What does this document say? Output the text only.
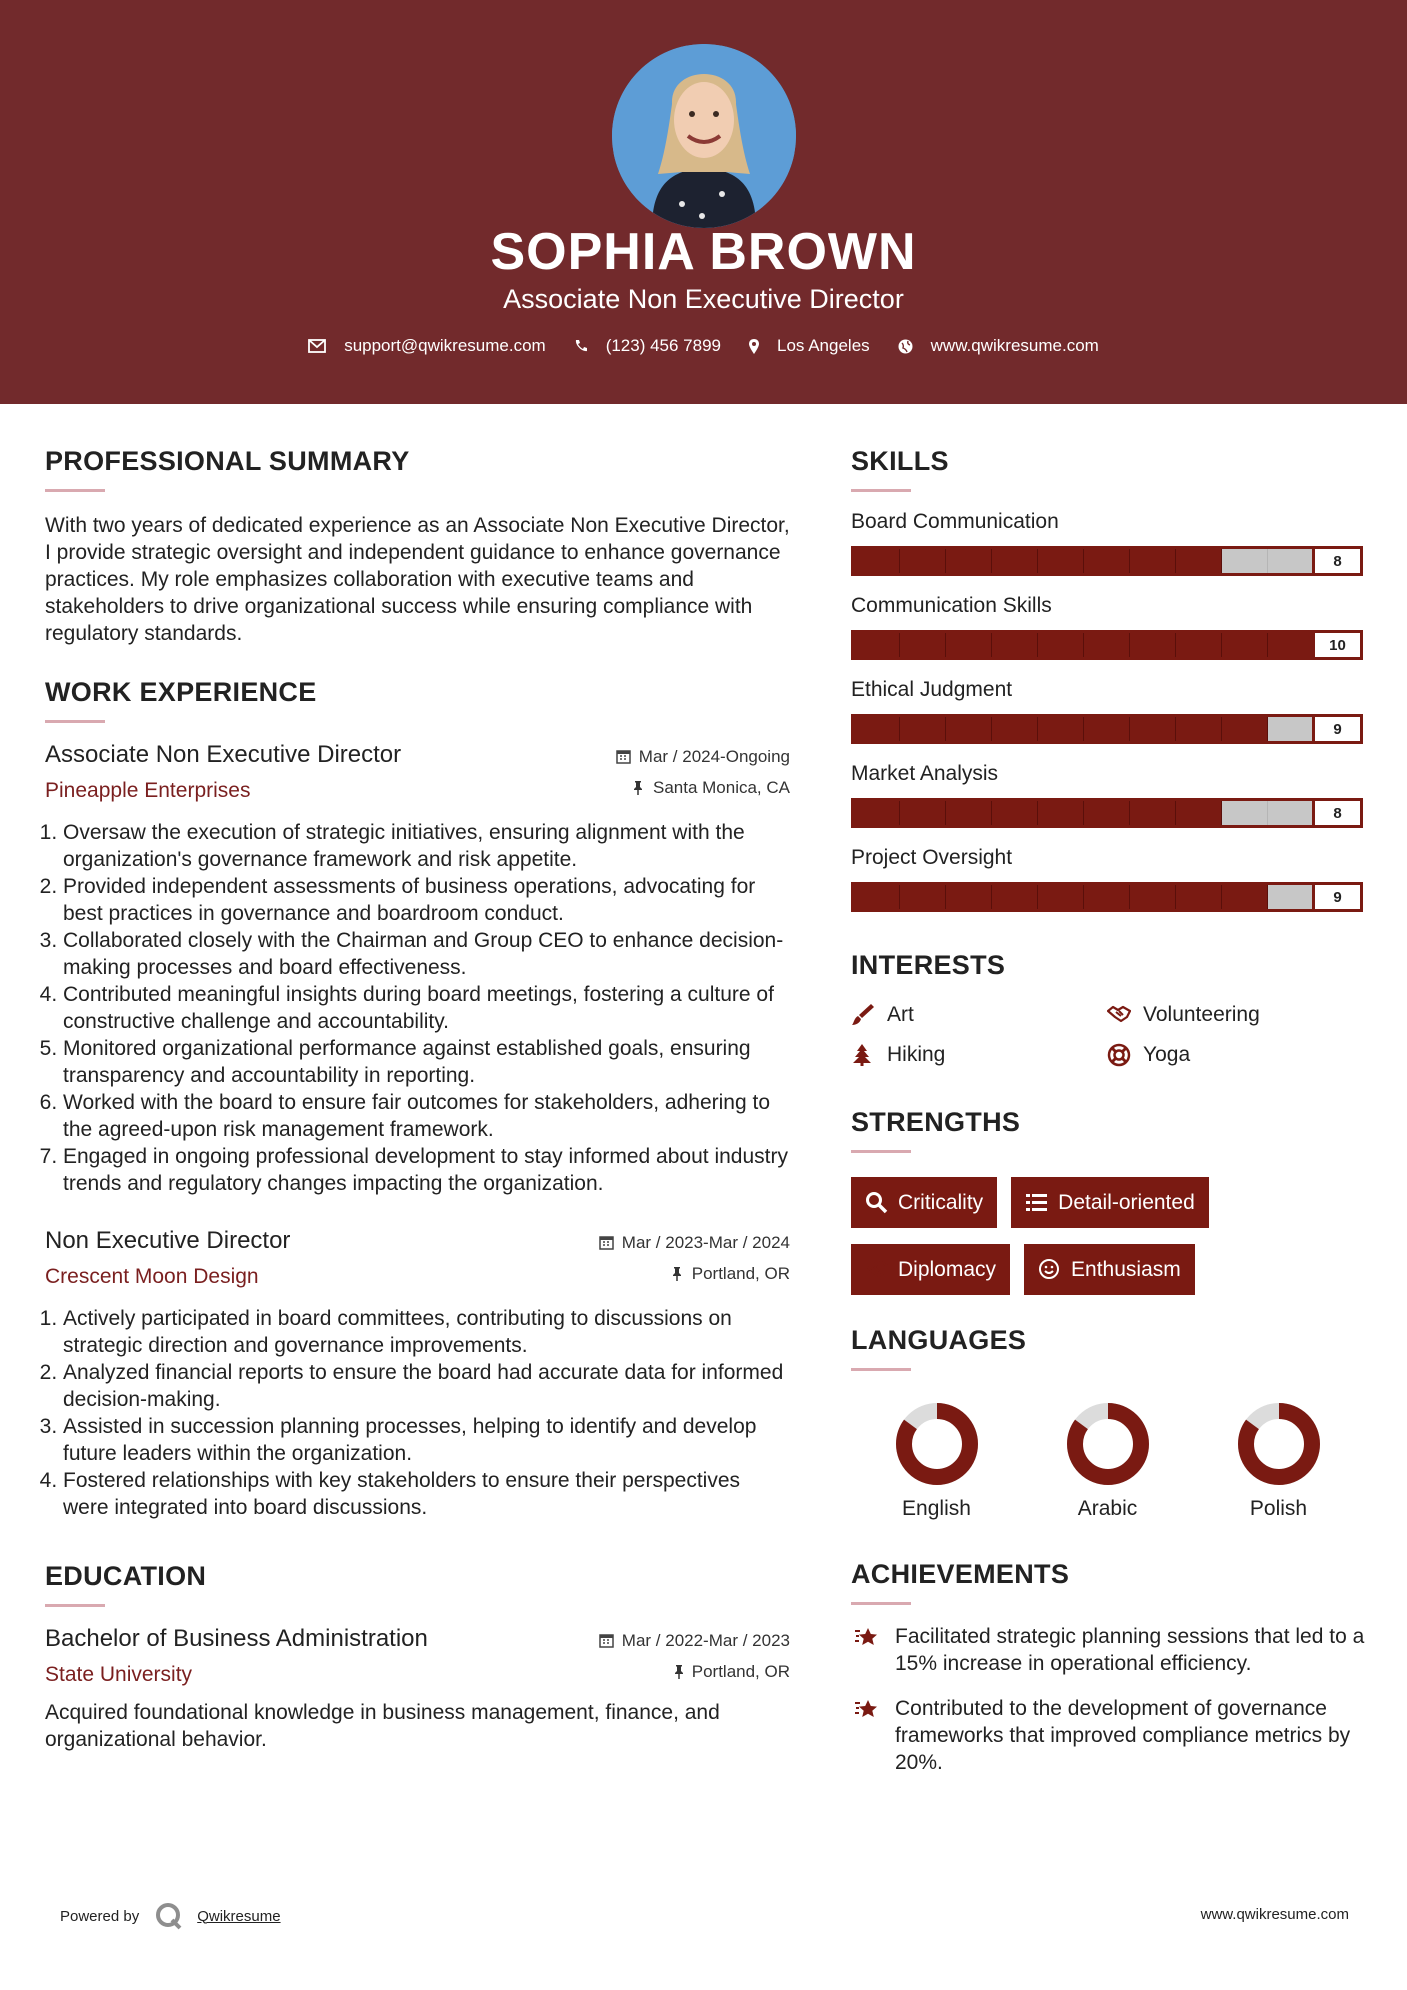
SOPHIA BROWN
Associate Non Executive Director
support@qwikresume.com	(123) 456 7899	Los Angeles	www.qwikresume.com
PROFESSIONAL SUMMARY
With two years of dedicated experience as an Associate Non Executive Director, I provide strategic oversight and independent guidance to enhance governance practices. My role emphasizes collaboration with executive teams and stakeholders to drive organizational success while ensuring compliance with regulatory standards.
WORK EXPERIENCE
Associate Non Executive Director
Pineapple Enterprises
Mar / 2024-Ongoing
Santa Monica, CA
1. Oversaw the execution of strategic initiatives, ensuring alignment with the organization's governance framework and risk appetite.
2. Provided independent assessments of business operations, advocating for best practices in governance and boardroom conduct.
3. Collaborated closely with the Chairman and Group CEO to enhance decision-making processes and board effectiveness.
4. Contributed meaningful insights during board meetings, fostering a culture of constructive challenge and accountability.
5. Monitored organizational performance against established goals, ensuring transparency and accountability in reporting.
6. Worked with the board to ensure fair outcomes for stakeholders, adhering to the agreed-upon risk management framework.
7. Engaged in ongoing professional development to stay informed about industry trends and regulatory changes impacting the organization.
Non Executive Director
Crescent Moon Design
Mar / 2023-Mar / 2024
Portland, OR
1. Actively participated in board committees, contributing to discussions on strategic direction and governance improvements.
2. Analyzed financial reports to ensure the board had accurate data for informed decision-making.
3. Assisted in succession planning processes, helping to identify and develop future leaders within the organization.
4. Fostered relationships with key stakeholders to ensure their perspectives were integrated into board discussions.
EDUCATION
Bachelor of Business Administration
State University
Mar / 2022-Mar / 2023
Portland, OR
Acquired foundational knowledge in business management, finance, and organizational behavior.
SKILLS
Board Communication
8
Communication Skills
10
Ethical Judgment
9
Market Analysis
8
Project Oversight
9
INTERESTS
Art	Volunteering
Hiking	Yoga
STRENGTHS
Criticality	Detail-oriented
Diplomacy	Enthusiasm
LANGUAGES
English	Arabic	Polish
ACHIEVEMENTS
Facilitated strategic planning sessions that led to a 15% increase in operational efficiency.
Contributed to the development of governance frameworks that improved compliance metrics by 20%.
Powered by	Qwikresume	www.qwikresume.com
